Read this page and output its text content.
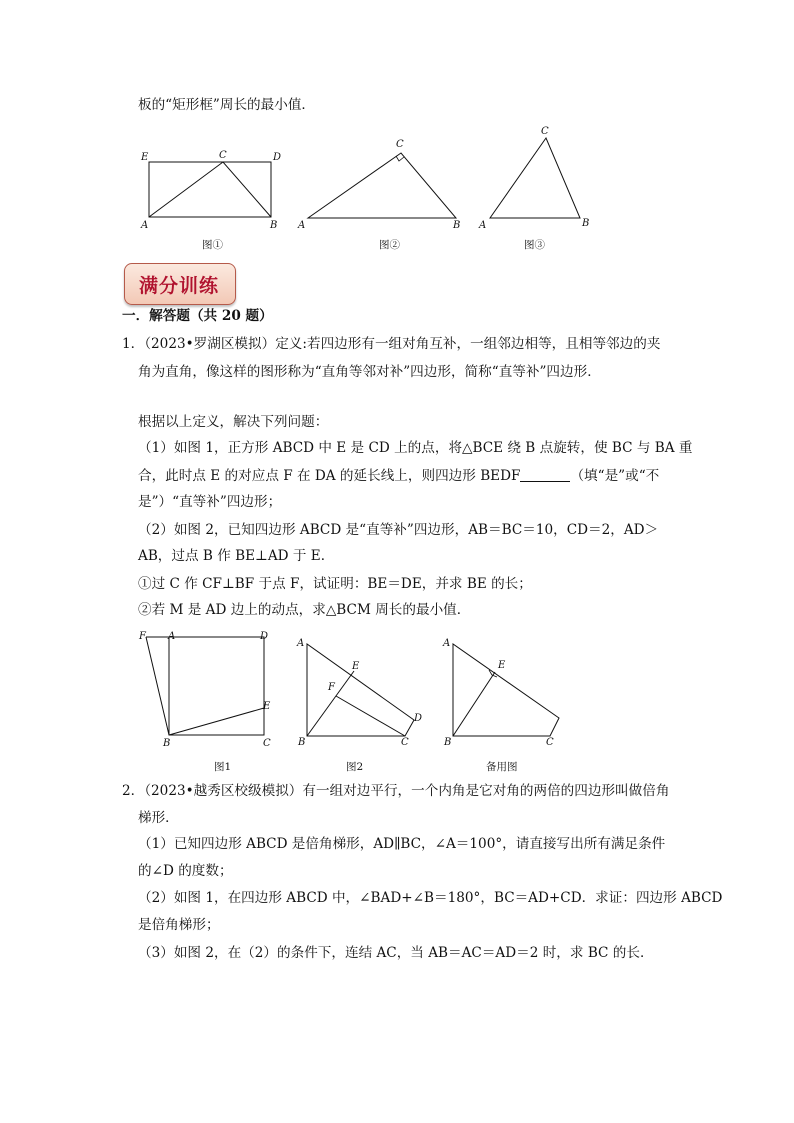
板的“矩形框”周长的最小值．
E	C	D
A	B
图①
C
A	B
图②
C
A	B
图③
满分训练
一．解答题（共 20 题）
1．（2023•罗湖区模拟）定义:若四边形有一组对角互补，一组邻边相等，且相等邻边的夹
角为直角，像这样的图形称为“直角等邻对补”四边形，简称“直等补”四边形．
根据以上定义，解决下列问题：
（1）如图 1，正方形 ABCD 中 E 是 CD 上的点，将△BCE 绕 B 点旋转，使 BC 与 BA 重
合，此时点 E 的对应点 F 在 DA 的延长线上，则四边形 BEDF	（填“是”或“不
是”）“直等补”四边形；
（2）如图 2，已知四边形 ABCD 是“直等补”四边形，AB＝BC＝10，CD＝2，AD＞
AB，过点 B 作 BE⊥AD 于 E．
①过 C 作 CF⊥BF 于点 F，试证明：BE＝DE，并求 BE 的长；
②若 M 是 AD 边上的动点，求△BCM 周长的最小值．
F A	D
E
B	C
图1
A
E
F
D
B	C
图2
A
E
B	C
备用图
2．（2023•越秀区校级模拟）有一组对边平行，一个内角是它对角的两倍的四边形叫做倍角
梯形．
（1）已知四边形 ABCD 是倍角梯形，AD∥BC，∠A＝100°，请直接写出所有满足条件
的∠D 的度数；
（2）如图 1，在四边形 ABCD 中，∠BAD+∠B＝180°，BC＝AD+CD．求证：四边形 ABCD
是倍角梯形；
（3）如图 2，在（2）的条件下，连结 AC，当 AB＝AC＝AD＝2 时，求 BC 的长．
